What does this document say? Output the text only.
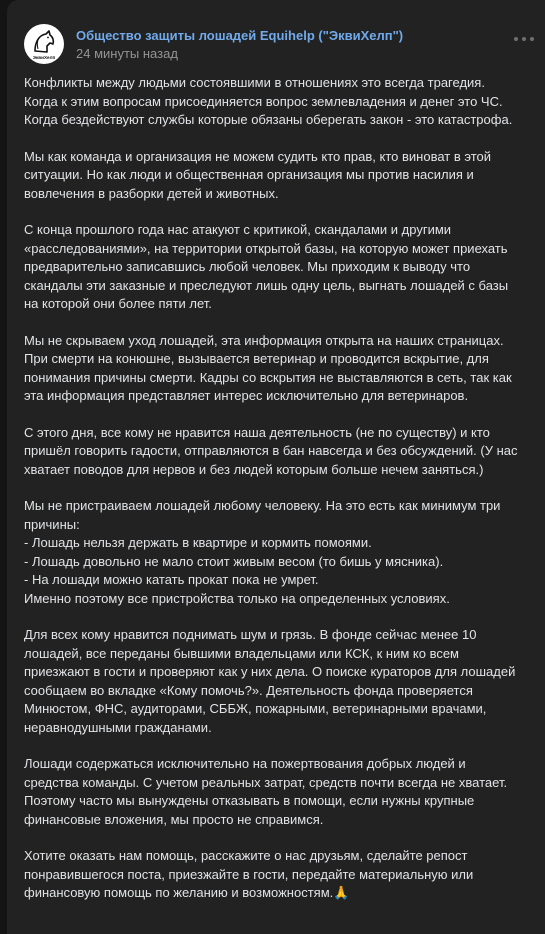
ЭквиХелп
Общество защиты лошадей Equihelp ("ЭквиХелп")
24 минуты назад

Конфликты между людьми состоявшими в отношениях это всегда трагедия.
Когда к этим вопросам присоединяется вопрос землевладения и денег это ЧС.
Когда бездействуют службы которые обязаны оберегать закон - это катастрофа.

Мы как команда и организация не можем судить кто прав, кто виноват в этой
ситуации. Но как люди и общественная организация мы против насилия и
вовлечения в разборки детей и животных.

С конца прошлого года нас атакуют с критикой, скандалами и другими
«расследованиями», на территории открытой базы, на которую может приехать
предварительно записавшись любой человек. Мы приходим к выводу что
скандалы эти заказные и преследуют лишь одну цель, выгнать лошадей с базы
на которой они более пяти лет.

Мы не скрываем уход лошадей, эта информация открыта на наших страницах.
При смерти на конюшне, вызывается ветеринар и проводится вскрытие, для
понимания причины смерти. Кадры со вскрытия не выставляются в сеть, так как
эта информация представляет интерес исключительно для ветеринаров.

С этого дня, все кому не нравится наша деятельность (не по существу) и кто
пришёл говорить гадости, отправляются в бан навсегда и без обсуждений. (У нас
хватает поводов для нервов и без людей которым больше нечем заняться.)

Мы не пристраиваем лошадей любому человеку. На это есть как минимум три
причины:
- Лошадь нельзя держать в квартире и кормить помоями.
- Лошадь довольно не мало стоит живым весом (то бишь у мясника).
- На лошади можно катать прокат пока не умрет.
Именно поэтому все пристройства только на определенных условиях.

Для всех кому нравится поднимать шум и грязь. В фонде сейчас менее 10
лошадей, все переданы бывшими владельцами или КСК, к ним ко всем
приезжают в гости и проверяют как у них дела. О поиске кураторов для лошадей
сообщаем во вкладке «Кому помочь?». Деятельность фонда проверяется
Минюстом, ФНС, аудиторами, СББЖ, пожарными, ветеринарными врачами,
неравнодушными гражданами.

Лошади содержаться исключительно на пожертвования добрых людей и
средства команды. С учетом реальных затрат, средств почти всегда не хватает.
Поэтому часто мы вынуждены отказывать в помощи, если нужны крупные
финансовые вложения, мы просто не справимся.

Хотите оказать нам помощь, расскажите о нас друзьям, сделайте репост
понравившегося поста, приезжайте в гости, передайте материальную или
финансовую помощь по желанию и возможностям.🙏
